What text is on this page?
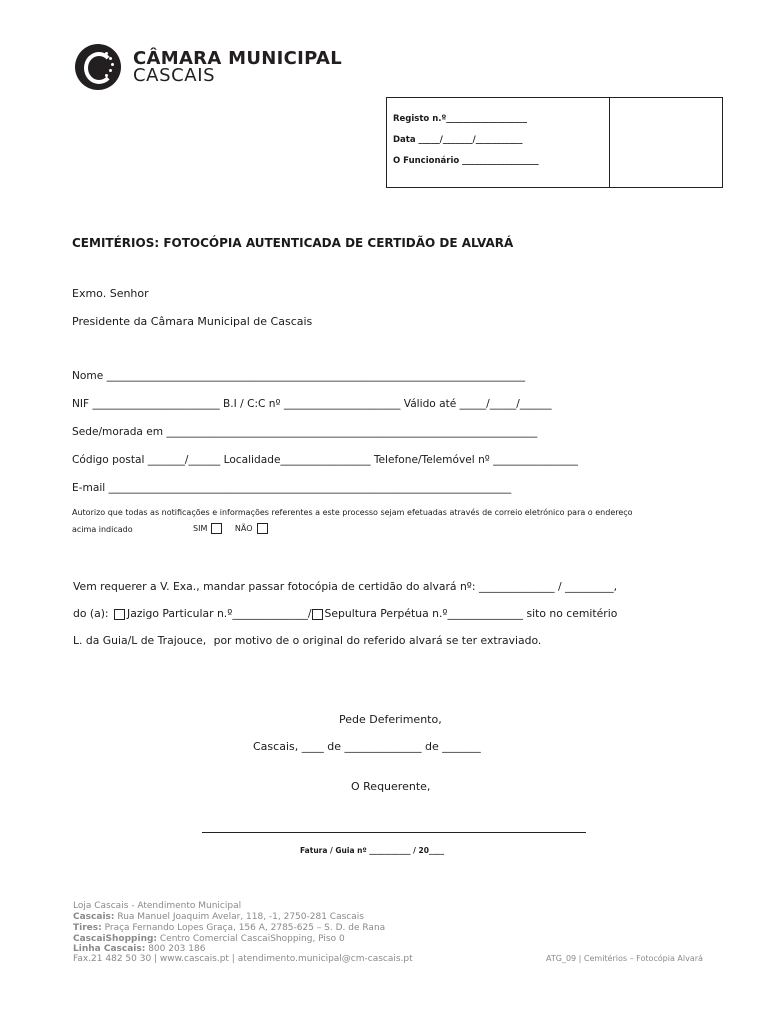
CÂMARA MUNICIPAL
CASCAIS
Registo n.º___________________
Data _____/_______/___________
O Funcionário __________________
CEMITÉRIOS: FOTOCÓPIA AUTENTICADA DE CERTIDÃO DE ALVARÁ
Exmo. Senhor
Presidente da Câmara Municipal de Cascais
Nome _______________________________________________________________________________
NIF ________________________ B.I / C:C nº ______________________ Válido até _____/_____/______
Sede/morada em ______________________________________________________________________
Código postal _______/______ Localidade_________________ Telefone/Telemóvel nº ________________
E-mail ____________________________________________________________________________
Autorizo que todas as notificações e informações referentes a este processo sejam efetuadas através de correio eletrónico para o endereço
acima indicado	SIM	NÃO
Vem requerer a V. Exa., mandar passar fotocópia de certidão do alvará nº: ______________ / _________,
do (a): Jazigo Particular n.º______________/ Sepultura Perpétua n.º______________ sito no cemitério
L. da Guia/L de Trajouce, por motivo de o original do referido alvará se ter extraviado.
Pede Deferimento,
Cascais, ____ de ______________ de _______
O Requerente,
Fatura / Guia nº ___________ / 20____
Loja Cascais - Atendimento Municipal
Cascais: Rua Manuel Joaquim Avelar, 118, -1, 2750-281 Cascais
Tires: Praça Fernando Lopes Graça, 156 A, 2785-625 – S. D. de Rana
CascaiShopping: Centro Comercial CascaiShopping, Piso 0
Linha Cascais: 800 203 186
Fax.21 482 50 30 | www.cascais.pt | atendimento.municipal@cm-cascais.pt	ATG_09 | Cemitérios – Fotocópia Alvará
